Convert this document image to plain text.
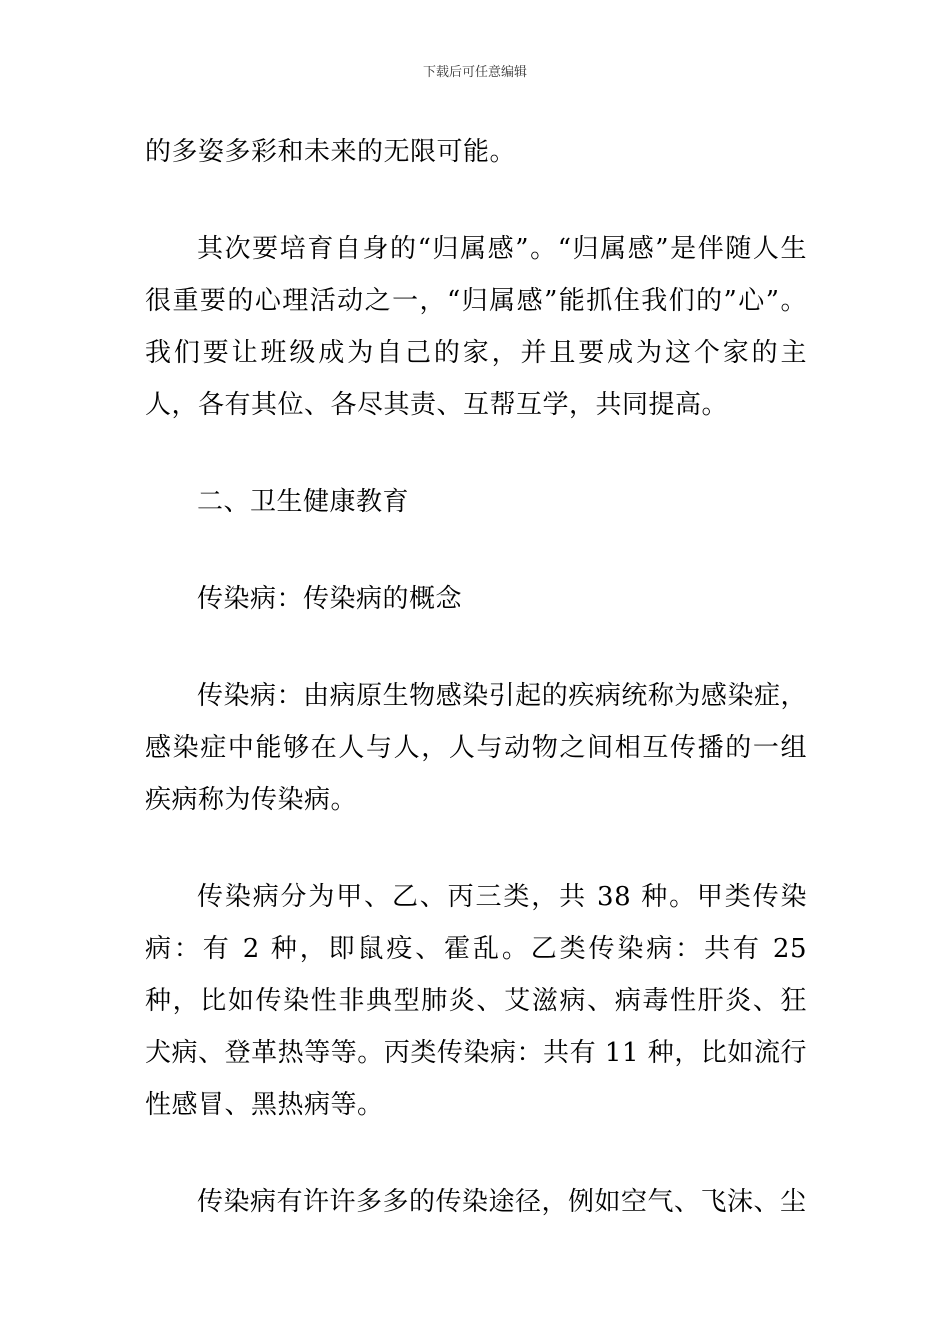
下载后可任意编辑

的多姿多彩和未来的无限可能。

其次要培育自身的“归属感”。“归属感”是伴随人生很重要的心理活动之一，“归属感”能抓住我们的”心”。我们要让班级成为自己的家，并且要成为这个家的主人，各有其位、各尽其责、互帮互学，共同提高。

二、卫生健康教育

传染病：传染病的概念

传染病：由病原生物感染引起的疾病统称为感染症，感染症中能够在人与人，人与动物之间相互传播的一组疾病称为传染病。

传染病分为甲、乙、丙三类，共 38 种。甲类传染病：有 2 种，即鼠疫、霍乱。乙类传染病：共有 25 种，比如传染性非典型肺炎、艾滋病、病毒性肝炎、狂犬病、登革热等等。丙类传染病：共有 11 种，比如流行性感冒、黑热病等。

传染病有许许多多的传染途径，例如空气、飞沫、尘
